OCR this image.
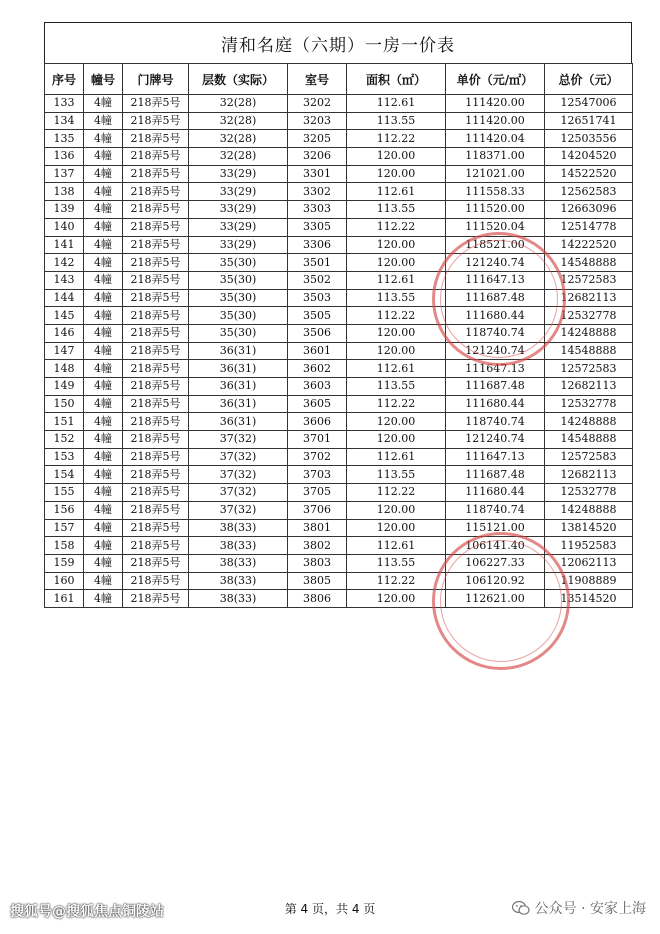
清和名庭（六期）一房一价表
序号	幢号	门牌号	层数（实际）	室号	面积（㎡）	单价（元/㎡）	总价（元）
133	4幢	218弄5号	32(28)	3202	112.61	111420.00	12547006
134	4幢	218弄5号	32(28)	3203	113.55	111420.00	12651741
135	4幢	218弄5号	32(28)	3205	112.22	111420.04	12503556
136	4幢	218弄5号	32(28)	3206	120.00	118371.00	14204520
137	4幢	218弄5号	33(29)	3301	120.00	121021.00	14522520
138	4幢	218弄5号	33(29)	3302	112.61	111558.33	12562583
139	4幢	218弄5号	33(29)	3303	113.55	111520.00	12663096
140	4幢	218弄5号	33(29)	3305	112.22	111520.04	12514778
141	4幢	218弄5号	33(29)	3306	120.00	118521.00	14222520
142	4幢	218弄5号	35(30)	3501	120.00	121240.74	14548888
143	4幢	218弄5号	35(30)	3502	112.61	111647.13	12572583
144	4幢	218弄5号	35(30)	3503	113.55	111687.48	12682113
145	4幢	218弄5号	35(30)	3505	112.22	111680.44	12532778
146	4幢	218弄5号	35(30)	3506	120.00	118740.74	14248888
147	4幢	218弄5号	36(31)	3601	120.00	121240.74	14548888
148	4幢	218弄5号	36(31)	3602	112.61	111647.13	12572583
149	4幢	218弄5号	36(31)	3603	113.55	111687.48	12682113
150	4幢	218弄5号	36(31)	3605	112.22	111680.44	12532778
151	4幢	218弄5号	36(31)	3606	120.00	118740.74	14248888
152	4幢	218弄5号	37(32)	3701	120.00	121240.74	14548888
153	4幢	218弄5号	37(32)	3702	112.61	111647.13	12572583
154	4幢	218弄5号	37(32)	3703	113.55	111687.48	12682113
155	4幢	218弄5号	37(32)	3705	112.22	111680.44	12532778
156	4幢	218弄5号	37(32)	3706	120.00	118740.74	14248888
157	4幢	218弄5号	38(33)	3801	120.00	115121.00	13814520
158	4幢	218弄5号	38(33)	3802	112.61	106141.40	11952583
159	4幢	218弄5号	38(33)	3803	113.55	106227.33	12062113
160	4幢	218弄5号	38(33)	3805	112.22	106120.92	11908889
161	4幢	218弄5号	38(33)	3806	120.00	112621.00	13514520
第 4 页，共 4 页
搜狐号@搜狐焦点铜陵站	公众号 · 安家上海
